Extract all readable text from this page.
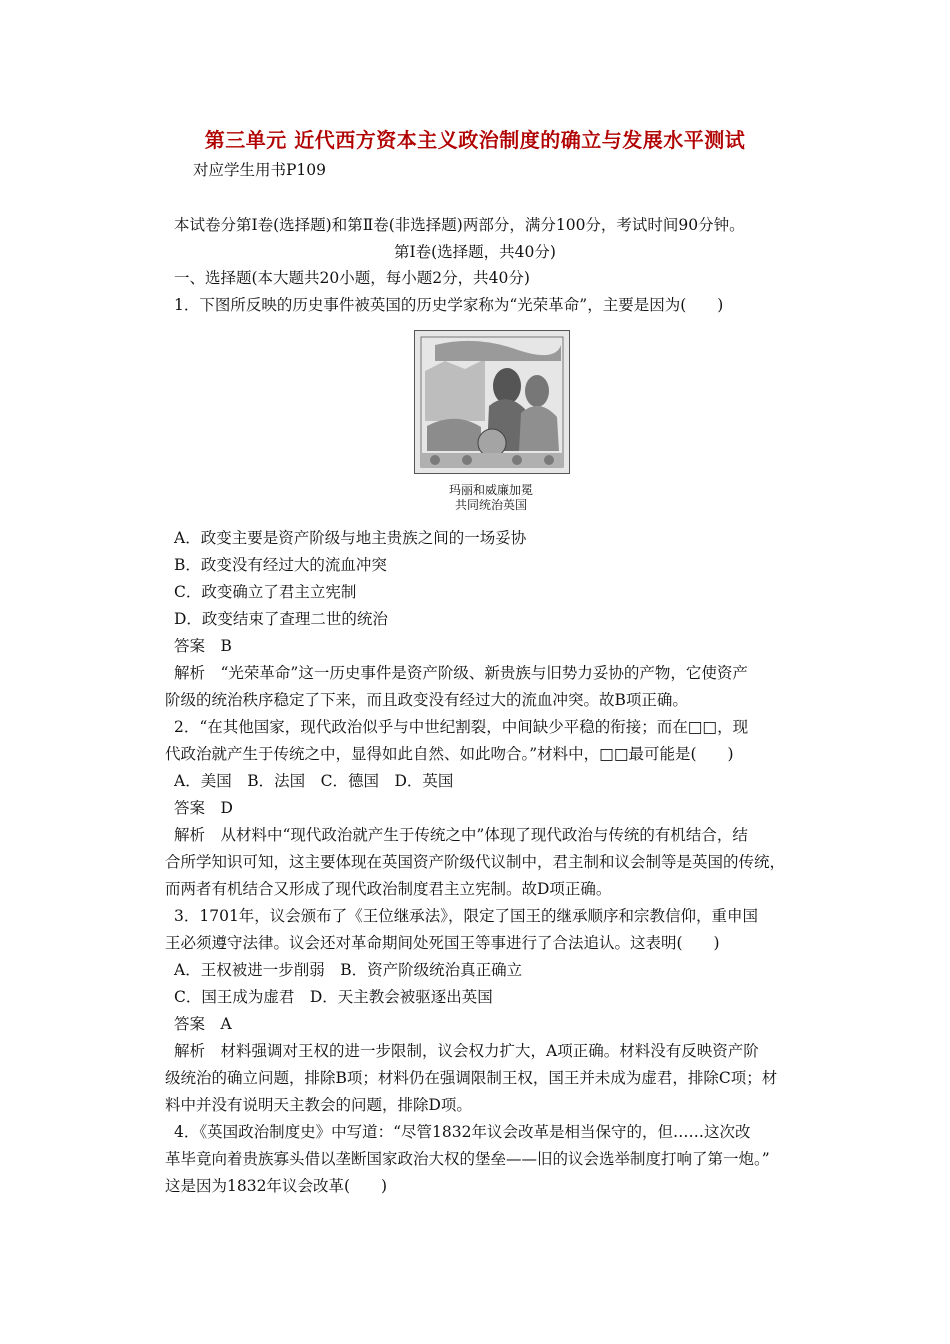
第三单元 近代西方资本主义政治制度的确立与发展水平测试
对应学生用书P109
本试卷分第Ⅰ卷(选择题)和第Ⅱ卷(非选择题)两部分，满分100分，考试时间90分钟。
第Ⅰ卷(选择题，共40分)
一、选择题(本大题共20小题，每小题2分，共40分)
1．下图所反映的历史事件被英国的历史学家称为“光荣革命”，主要是因为(　　)
玛丽和威廉加冕
共同统治英国
A．政变主要是资产阶级与地主贵族之间的一场妥协
B．政变没有经过大的流血冲突
C．政变确立了君主立宪制
D．政变结束了查理二世的统治
答案　B
解析　“光荣革命”这一历史事件是资产阶级、新贵族与旧势力妥协的产物，它使资产
阶级的统治秩序稳定了下来，而且政变没有经过大的流血冲突。故B项正确。
2．“在其他国家，现代政治似乎与中世纪割裂，中间缺少平稳的衔接；而在□□，现
代政治就产生于传统之中，显得如此自然、如此吻合。”材料中，□□最可能是(　　)
A．美国　B．法国　C．德国　D．英国
答案　D
解析　从材料中“现代政治就产生于传统之中”体现了现代政治与传统的有机结合，结
合所学知识可知，这主要体现在英国资产阶级代议制中，君主制和议会制等是英国的传统，
而两者有机结合又形成了现代政治制度君主立宪制。故D项正确。
3．1701年，议会颁布了《王位继承法》，限定了国王的继承顺序和宗教信仰，重申国
王必须遵守法律。议会还对革命期间处死国王等事进行了合法追认。这表明(　　)
A．王权被进一步削弱　B．资产阶级统治真正确立
C．国王成为虚君　D．天主教会被驱逐出英国
答案　A
解析　材料强调对王权的进一步限制，议会权力扩大，A项正确。材料没有反映资产阶
级统治的确立问题，排除B项；材料仍在强调限制王权，国王并未成为虚君，排除C项；材
料中并没有说明天主教会的问题，排除D项。
4．《英国政治制度史》中写道：“尽管1832年议会改革是相当保守的，但……这次改
革毕竟向着贵族寡头借以垄断国家政治大权的堡垒——旧的议会选举制度打响了第一炮。”
这是因为1832年议会改革(　　)
